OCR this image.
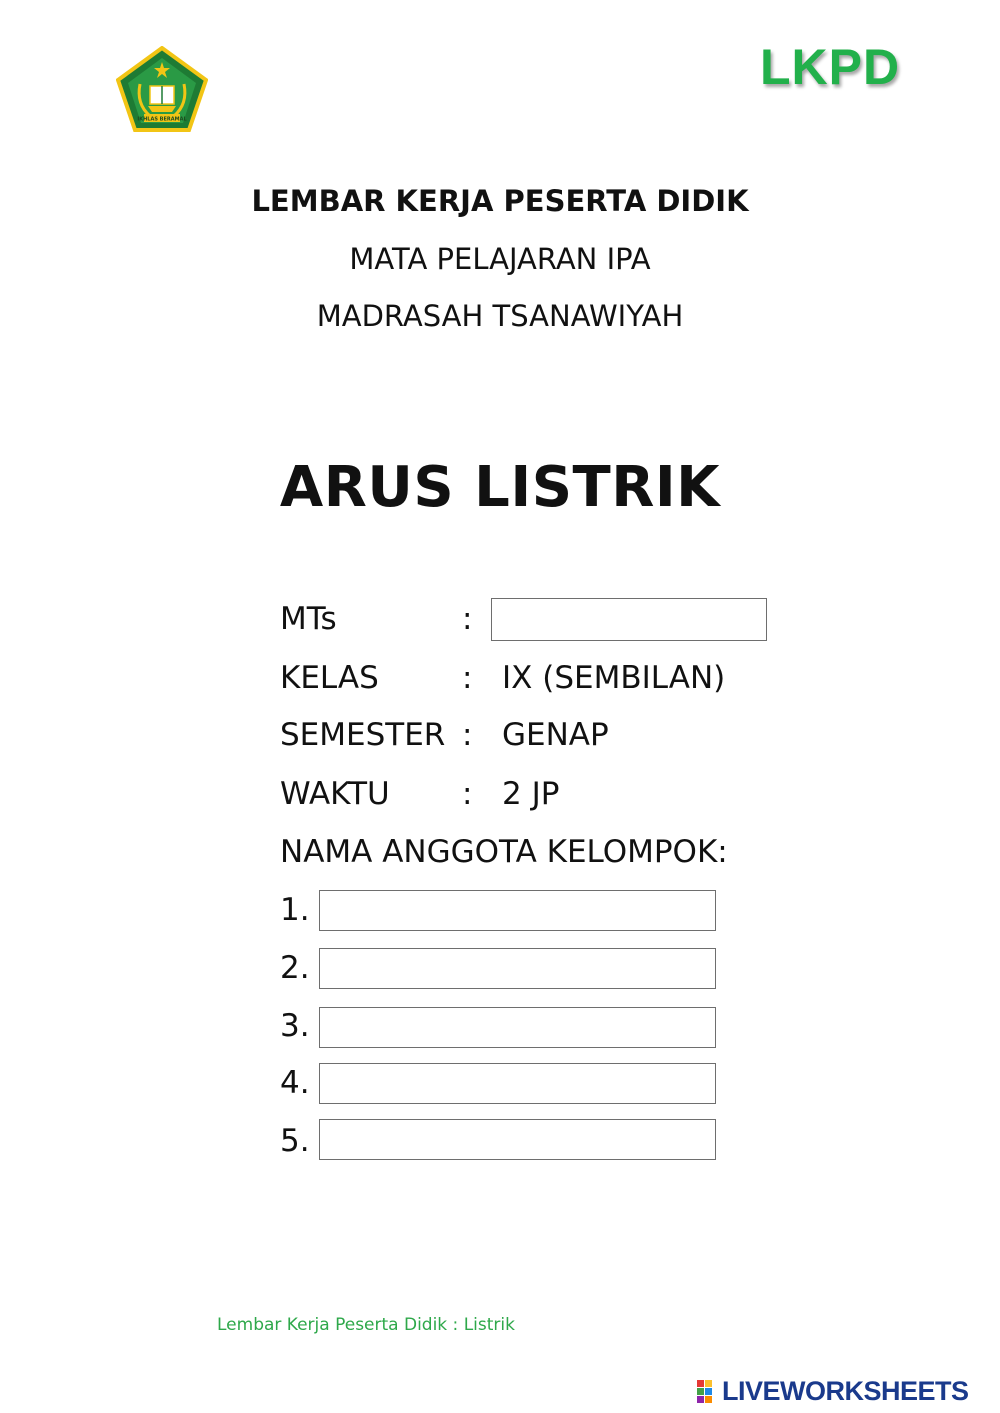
IKHLAS BERAMAL
LKPD
LEMBAR KERJA PESERTA DIDIK
MATA PELAJARAN IPA
MADRASAH TSANAWIYAH
ARUS LISTRIK
MTs	:
KELAS	: IX (SEMBILAN)
SEMESTER : GENAP
WAKTU : 2 JP
NAMA ANGGOTA KELOMPOK:
1.
2.
3.
4.
5.
Lembar Kerja Peserta Didik : Listrik
LIVEWORKSHEETS
